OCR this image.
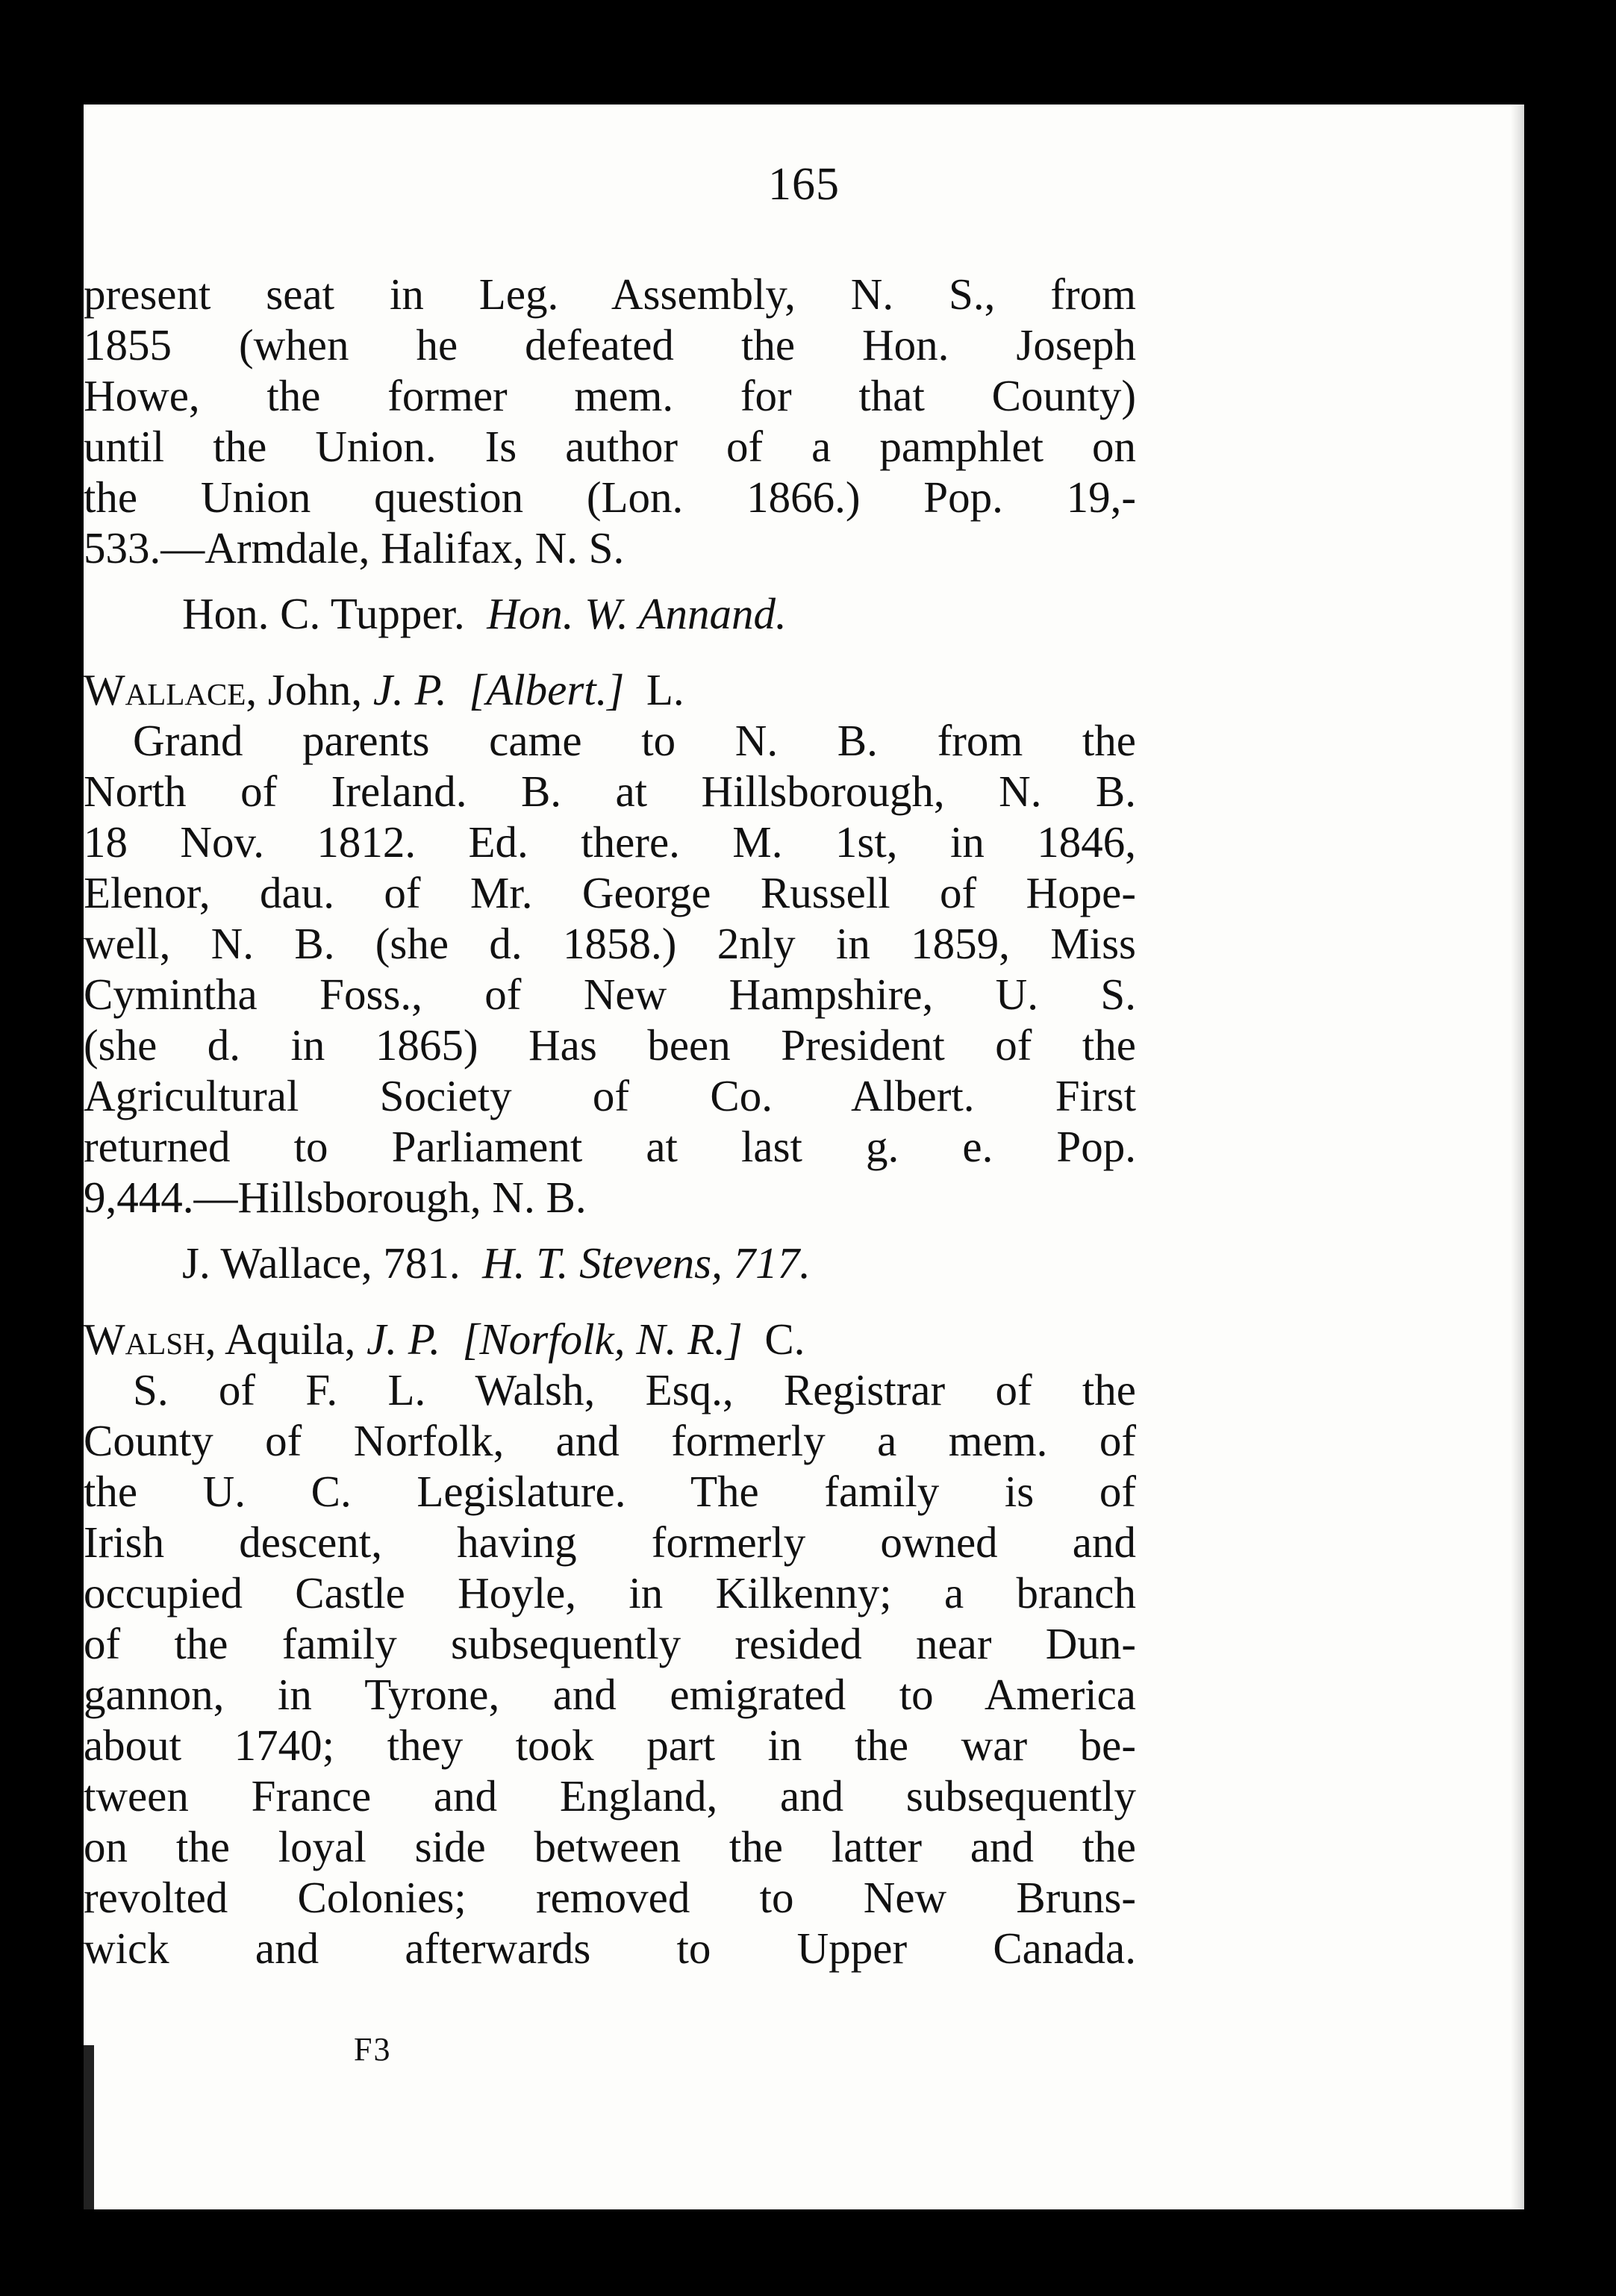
165
present seat in Leg. Assembly, N. S., from
1855 (when he defeated the Hon. Joseph
Howe, the former mem. for that County)
until the Union. Is author of a pamphlet on
the Union question (Lon. 1866.) Pop. 19,-
533.—Armdale, Halifax, N. S.
Hon. C. Tupper. Hon. W. Annand.
Wallace, John, J. P. [Albert.] L.
Grand parents came to N. B. from the
North of Ireland. B. at Hillsborough, N. B.
18 Nov. 1812. Ed. there. M. 1st, in 1846,
Elenor, dau. of Mr. George Russell of Hope-
well, N. B. (she d. 1858.) 2nly in 1859, Miss
Cymintha Foss., of New Hampshire, U. S.
(she d. in 1865) Has been President of the
Agricultural Society of Co. Albert. First
returned to Parliament at last g. e. Pop.
9,444.—Hillsborough, N. B.
J. Wallace, 781. H. T. Stevens, 717.
Walsh, Aquila, J. P. [Norfolk, N. R.] C.
S. of F. L. Walsh, Esq., Registrar of the
County of Norfolk, and formerly a mem. of
the U. C. Legislature. The family is of
Irish descent, having formerly owned and
occupied Castle Hoyle, in Kilkenny; a branch
of the family subsequently resided near Dun-
gannon, in Tyrone, and emigrated to America
about 1740; they took part in the war be-
tween France and England, and subsequently
on the loyal side between the latter and the
revolted Colonies; removed to New Bruns-
wick and afterwards to Upper Canada.
F3
